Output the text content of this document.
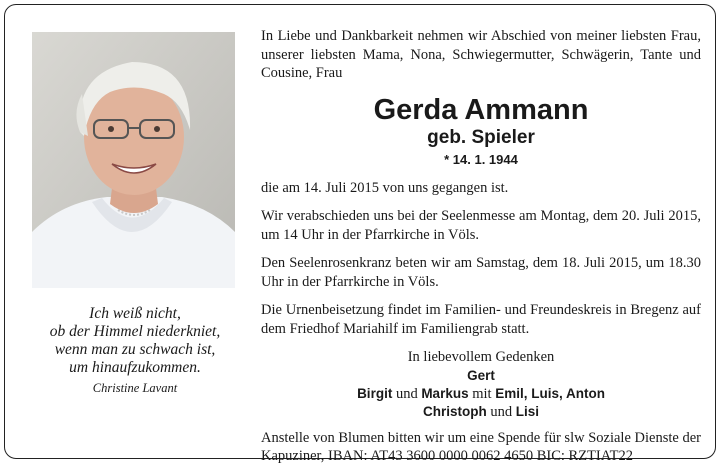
Ich weiß nicht,
ob der Himmel niederkniet,
wenn man zu schwach ist,
um hinaufzukommen.
Christine Lavant

In Liebe und Dankbarkeit nehmen wir Abschied von meiner liebsten Frau, unserer liebsten Mama, Nona, Schwiegermutter, Schwägerin, Tante und Cousine, Frau

Gerda Ammann
geb. Spieler
* 14. 1. 1944

die am 14. Juli 2015 von uns gegangen ist.

Wir verabschieden uns bei der Seelenmesse am Montag, dem 20. Juli 2015, um 14 Uhr in der Pfarrkirche in Völs.

Den Seelenrosenkranz beten wir am Samstag, dem 18. Juli 2015, um 18.30 Uhr in der Pfarrkirche in Völs.

Die Urnenbeisetzung findet im Familien- und Freundeskreis in Bregenz auf dem Friedhof Mariahilf im Familiengrab statt.

In liebevollem Gedenken
Gert
Birgit und Markus mit Emil, Luis, Anton
Christoph und Lisi

Anstelle von Blumen bitten wir um eine Spende für slw Soziale Dienste der Kapuziner, IBAN: AT43 3600 0000 0062 4650 BIC: RZTIAT22
